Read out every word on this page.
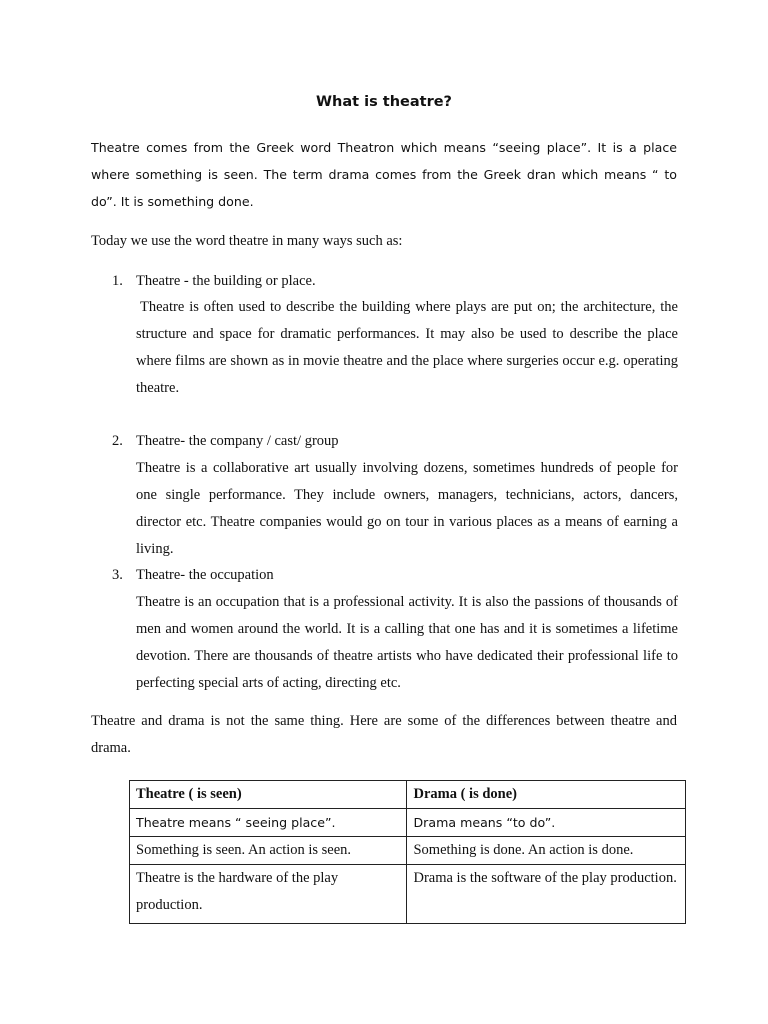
What is theatre?

Theatre comes from the Greek word Theatron which means “seeing place”. It is a place where something is seen. The term drama comes from the Greek dran which means “ to do”. It is something done.

Today we use the word theatre in many ways such as:

1. Theatre - the building or place.

Theatre is often used to describe the building where plays are put on; the architecture, the structure and space for dramatic performances. It may also be used to describe the place where films are shown as in movie theatre and the place where surgeries occur e.g. operating theatre.

2. Theatre- the company / cast/ group

Theatre is a collaborative art usually involving dozens, sometimes hundreds of people for one single performance. They include owners, managers, technicians, actors, dancers, director etc. Theatre companies would go on tour in various places as a means of earning a living.

3. Theatre- the occupation

Theatre is an occupation that is a professional activity. It is also the passions of thousands of men and women around the world. It is a calling that one has and it is sometimes a lifetime devotion. There are thousands of theatre artists who have dedicated their professional life to perfecting special arts of acting, directing etc.

Theatre and drama is not the same thing. Here are some of the differences between theatre and drama.

Theatre ( is seen)	Drama ( is done)
Theatre means “ seeing place”.	Drama means “to do”.
Something is seen. An action is seen.	Something is done. An action is done.
Theatre is the hardware of the play production.	Drama is the software of the play production.
